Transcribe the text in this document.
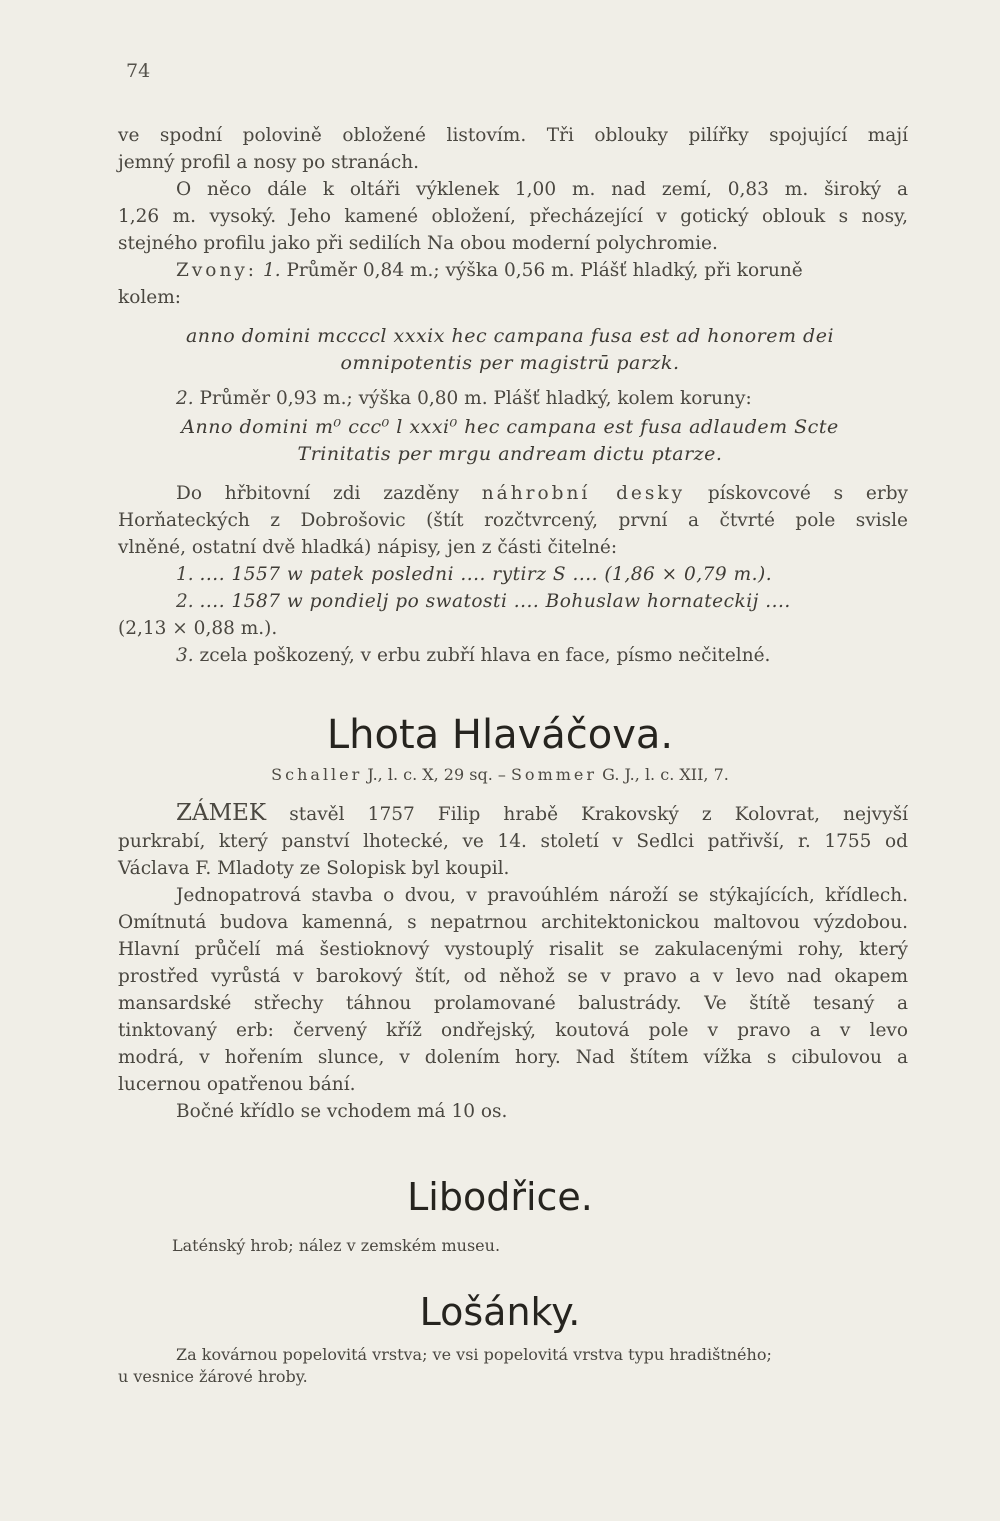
74

ve spodní polovině obložené listovím. Tři oblouky pilířky spojující mají

jemný profil a nosy po stranách.

O něco dále k oltáři výklenek 1,00 m. nad zemí, 0,83 m. široký a

1,26 m. vysoký. Jeho kamené obložení, přecházející v gotický oblouk s nosy,

stejného profilu jako při sedilích Na obou moderní polychromie.

Zvony: 1. Průměr 0,84 m.; výška 0,56 m. Plášť hladký, při koruně

kolem:

anno domini mccccl xxxix hec campana fusa est ad honorem dei

omnipotentis per magistrū parzk.

2. Průměr 0,93 m.; výška 0,80 m. Plášť hladký, kolem koruny:

Anno domini m⁰ ccc⁰ l xxxi⁰ hec campana est fusa adlaudem Scte

Trinitatis per mrgu andream dictu ptarze.

Do hřbitovní zdi zazděny náhrobní desky pískovcové s erby

Horňateckých z Dobrošovic (štít rozčtvrcený, první a čtvrté pole svisle

vlněné, ostatní dvě hladká) nápisy, jen z části čitelné:

1. .... 1557 w patek posledni .... rytirz S .... (1,86 × 0,79 m.).

2. .... 1587 w pondielj po swatosti .... Bohuslaw hornateckij ....

(2,13 × 0,88 m.).

3. zcela poškozený, v erbu zubří hlava en face, písmo nečitelné.

Lhota Hlaváčova.
Schaller J., l. c. X, 29 sq. – Sommer G. J., l. c. XII, 7.

ZÁMEK stavěl 1757 Filip hrabě Krakovský z Kolovrat, nejvyší

purkrabí, který panství lhotecké, ve 14. století v Sedlci patřivší, r. 1755 od

Václava F. Mladoty ze Solopisk byl koupil.

Jednopatrová stavba o dvou, v pravoúhlém nároží se stýkajících, křídlech.

Omítnutá budova kamenná, s nepatrnou architektonickou maltovou výzdobou.

Hlavní průčelí má šestioknový vystouplý risalit se zakulacenými rohy, který

prostřed vyrůstá v barokový štít, od něhož se v pravo a v levo nad okapem

mansardské střechy táhnou prolamované balustrády. Ve štítě tesaný a

tinktovaný erb: červený kříž ondřejský, koutová pole v pravo a v levo

modrá, v hořením slunce, v dolením hory. Nad štítem vížka s cibulovou a

lucernou opatřenou bání.

Bočné křídlo se vchodem má 10 os.

Libodřice.

Laténský hrob; nález v zemském museu.

Lošánky.

Za kovárnou popelovitá vrstva; ve vsi popelovitá vrstva typu hradištného;

u vesnice žárové hroby.
